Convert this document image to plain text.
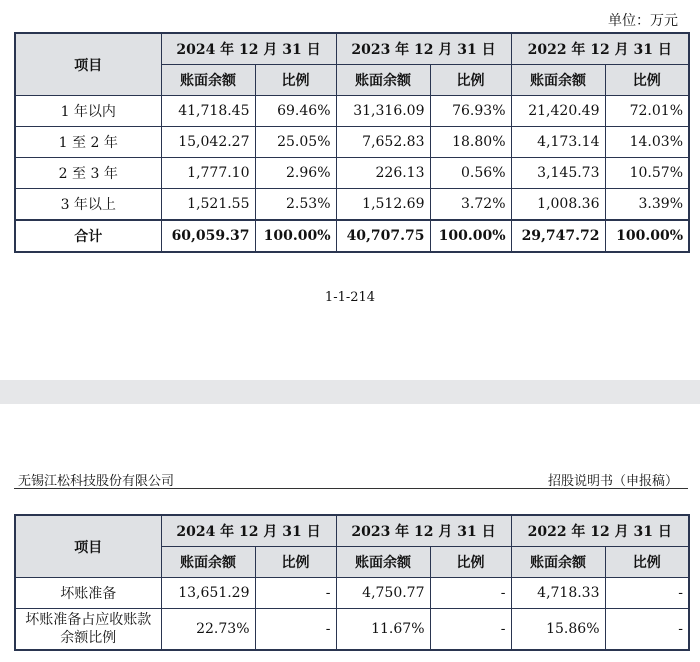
单位：万元
项目	2024 年 12 月 31 日		2023 年 12 月 31 日		2022 年 12 月 31 日	
	账面余额	比例	账面余额	比例	账面余额	比例
1 年以内	41,718.45	69.46%	31,316.09	76.93%	21,420.49	72.01%
1 至 2 年	15,042.27	25.05%	7,652.83	18.80%	4,173.14	14.03%
2 至 3 年	1,777.10	2.96%	226.13	0.56%	3,145.73	10.57%
3 年以上	1,521.55	2.53%	1,512.69	3.72%	1,008.36	3.39%
合计	60,059.37	100.00%	40,707.75	100.00%	29,747.72	100.00%
1-1-214
无锡江松科技股份有限公司	招股说明书（申报稿）
项目	2024 年 12 月 31 日		2023 年 12 月 31 日		2022 年 12 月 31 日	
	账面余额	比例	账面余额	比例	账面余额	比例
坏账准备	13,651.29	-	4,750.77	-	4,718.33	-
坏账准备占应收账款余额比例	22.73%	-	11.67%	-	15.86%	-
